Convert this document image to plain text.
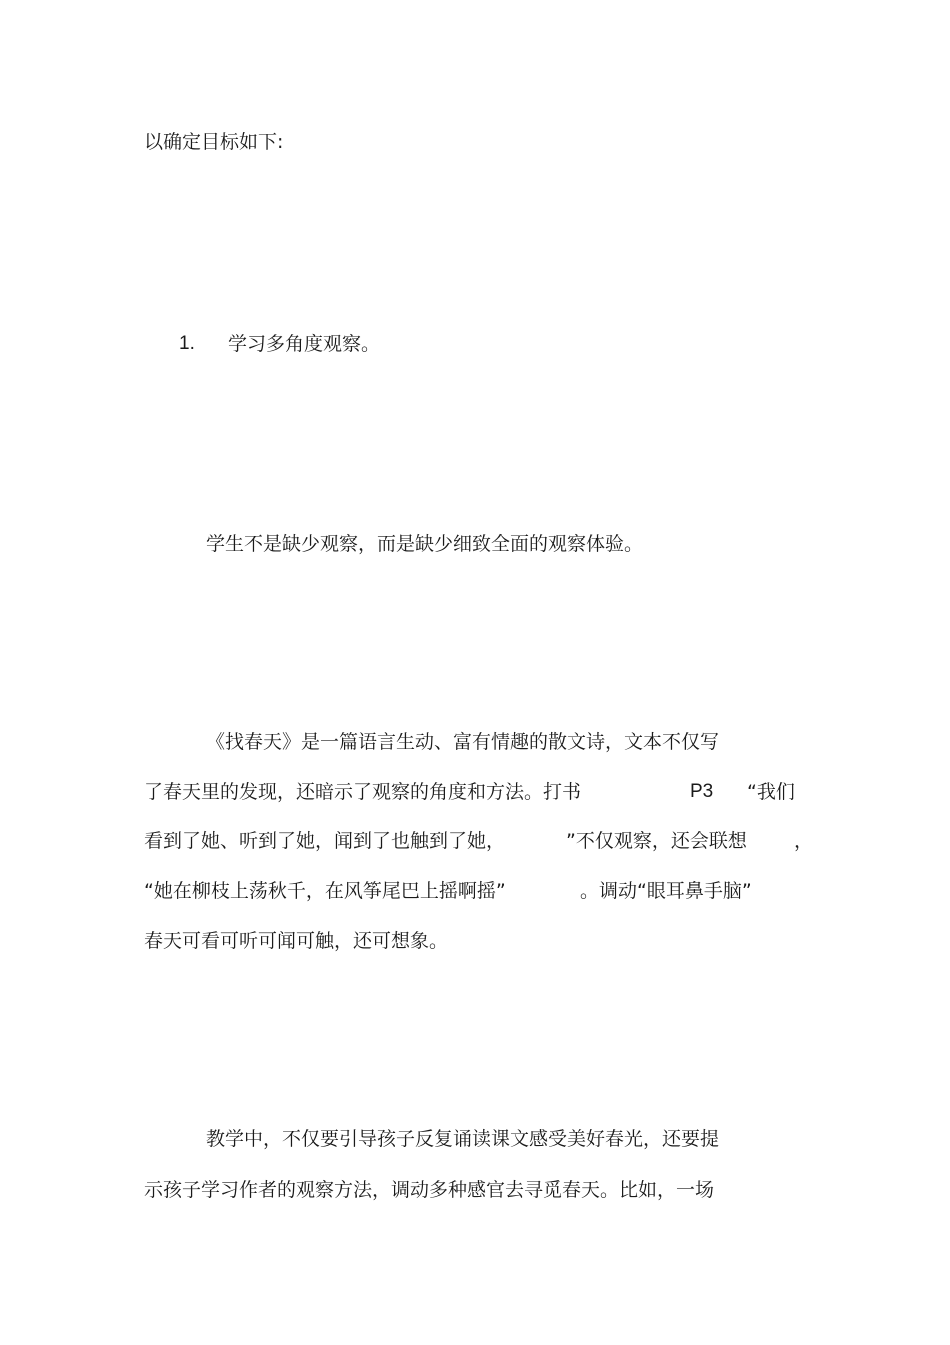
以确定目标如下:

1. 学习多角度观察。

学生不是缺少观察，而是缺少细致全面的观察体验。

《找春天》是一篇语言生动、富有情趣的散文诗，文本不仅写

了春天里的发现，还暗示了观察的角度和方法。打书	P3 “我们

看到了她、听到了她，闻到了也触到了她，	”不仅观察，还会联想 ，

“她在柳枝上荡秋千，在风筝尾巴上摇啊摇”	。调动“眼耳鼻手脑”

春天可看可听可闻可触，还可想象。

教学中，不仅要引导孩子反复诵读课文感受美好春光，还要提

示孩子学习作者的观察方法，调动多种感官去寻觅春天。比如，一场
